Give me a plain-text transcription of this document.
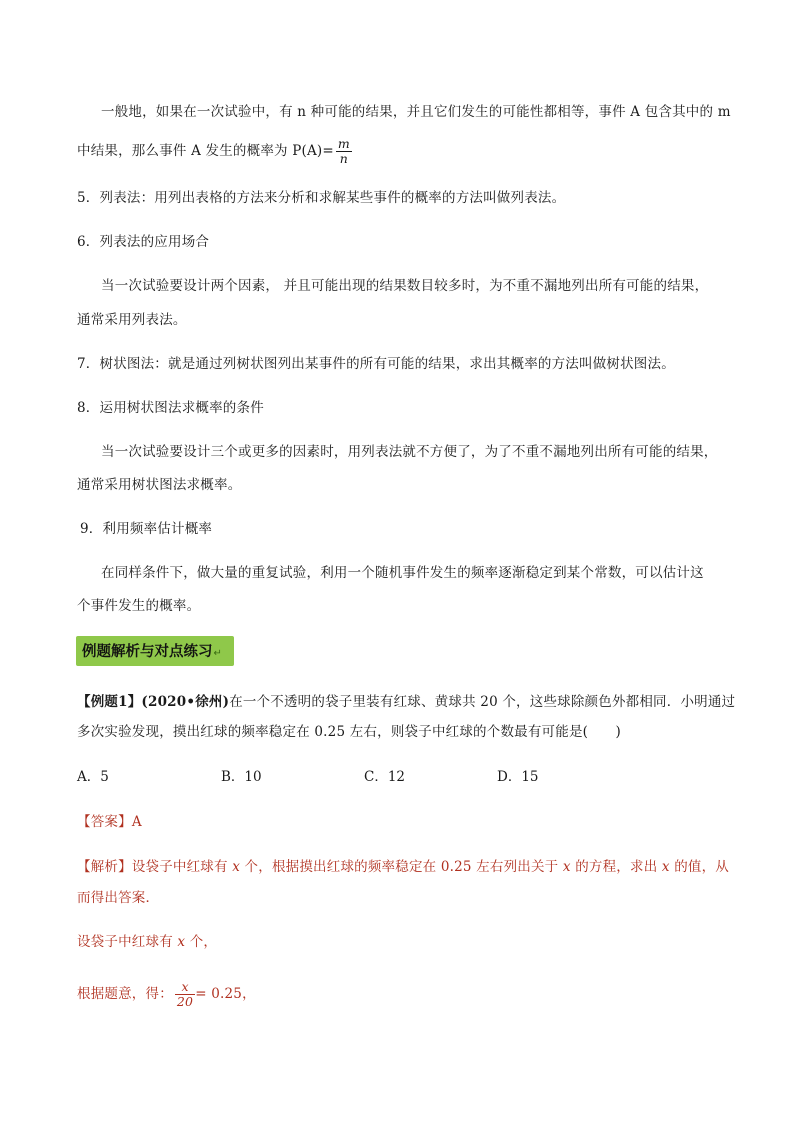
一般地，如果在一次试验中，有 n 种可能的结果，并且它们发生的可能性都相等，事件 A 包含其中的 m
中结果，那么事件 A 发生的概率为 $P(A)= \frac{m}{n}$
5．列表法：用列出表格的方法来分析和求解某些事件的概率的方法叫做列表法。
6．列表法的应用场合
当一次试验要设计两个因素， 并且可能出现的结果数目较多时，为不重不漏地列出所有可能的结果，
通常采用列表法。
7．树状图法：就是通过列树状图列出某事件的所有可能的结果，求出其概率的方法叫做树状图法。
8．运用树状图法求概率的条件
当一次试验要设计三个或更多的因素时，用列表法就不方便了，为了不重不漏地列出所有可能的结果，
通常采用树状图法求概率。
9．利用频率估计概率
在同样条件下，做大量的重复试验，利用一个随机事件发生的频率逐渐稳定到某个常数，可以估计这
个事件发生的概率。
例题解析与对点练习↵
【例题1】(2020•徐州)在一个不透明的袋子里装有红球、黄球共 20 个，这些球除颜色外都相同．小明通过
多次实验发现，摸出红球的频率稳定在 0.25 左右，则袋子中红球的个数最有可能是(　　)
A．5	B．10	C．12	D．15
【答案】A
【解析】设袋子中红球有 x 个，根据摸出红球的频率稳定在 0.25 左右列出关于 x 的方程，求出 x 的值，从
而得出答案．
设袋子中红球有 x 个，
根据题意，得： $\frac{x}{20} = 0.25$，
